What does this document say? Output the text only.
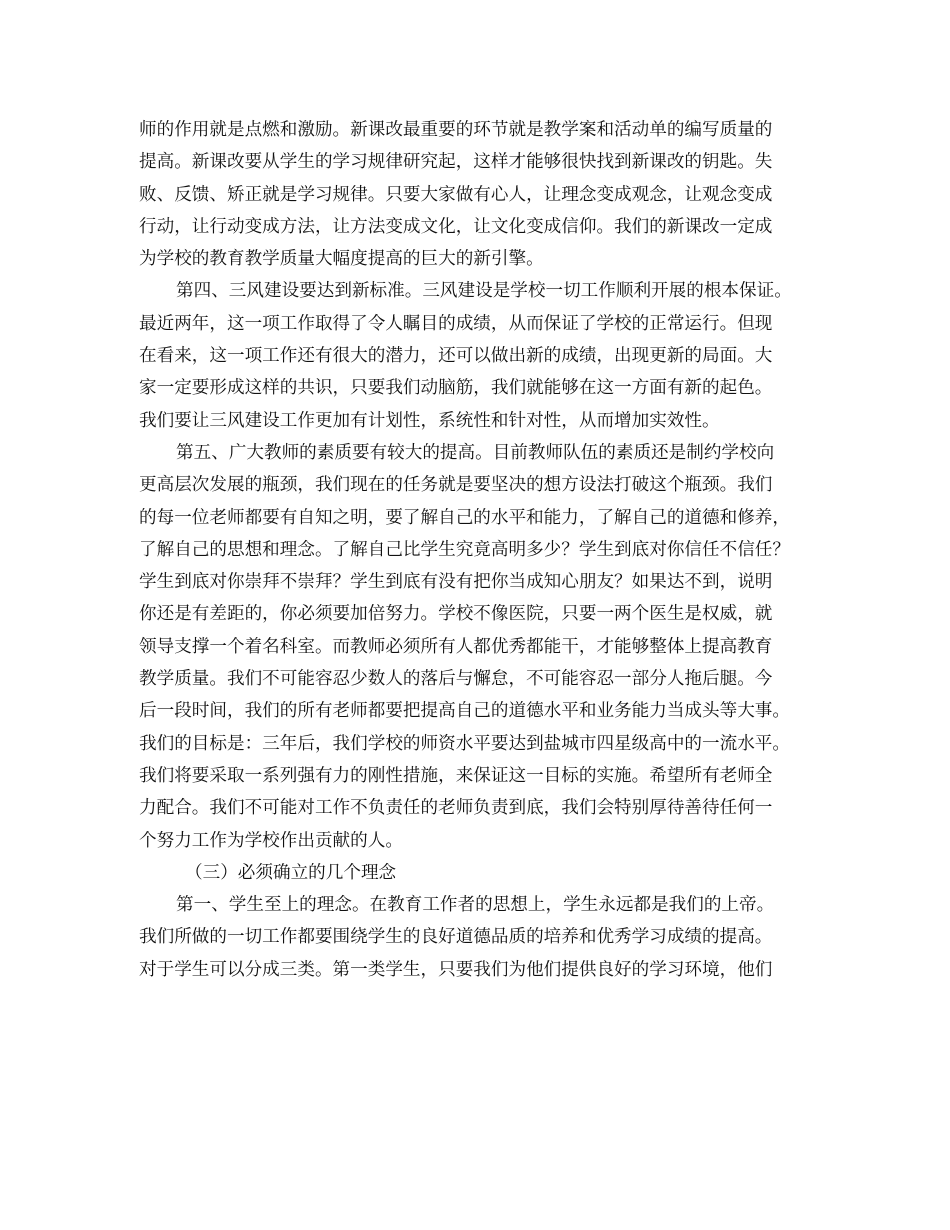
师的作用就是点燃和激励。新课改最重要的环节就是教学案和活动单的编写质量的
提高。新课改要从学生的学习规律研究起，这样才能够很快找到新课改的钥匙。失
败、反馈、矫正就是学习规律。只要大家做有心人，让理念变成观念，让观念变成
行动，让行动变成方法，让方法变成文化，让文化变成信仰。我们的新课改一定成
为学校的教育教学质量大幅度提高的巨大的新引擎。
第四、三风建设要达到新标准。三风建设是学校一切工作顺利开展的根本保证。
最近两年，这一项工作取得了令人瞩目的成绩，从而保证了学校的正常运行。但现
在看来，这一项工作还有很大的潜力，还可以做出新的成绩，出现更新的局面。大
家一定要形成这样的共识，只要我们动脑筋，我们就能够在这一方面有新的起色。
我们要让三风建设工作更加有计划性，系统性和针对性，从而增加实效性。
第五、广大教师的素质要有较大的提高。目前教师队伍的素质还是制约学校向
更高层次发展的瓶颈，我们现在的任务就是要坚决的想方设法打破这个瓶颈。我们
的每一位老师都要有自知之明，要了解自己的水平和能力，了解自己的道德和修养，
了解自己的思想和理念。了解自己比学生究竟高明多少？学生到底对你信任不信任？
学生到底对你崇拜不崇拜？学生到底有没有把你当成知心朋友？如果达不到，说明
你还是有差距的，你必须要加倍努力。学校不像医院，只要一两个医生是权威，就
领导支撑一个着名科室。而教师必须所有人都优秀都能干，才能够整体上提高教育
教学质量。我们不可能容忍少数人的落后与懈怠，不可能容忍一部分人拖后腿。今
后一段时间，我们的所有老师都要把提高自己的道德水平和业务能力当成头等大事。
我们的目标是：三年后，我们学校的师资水平要达到盐城市四星级高中的一流水平。
我们将要采取一系列强有力的刚性措施，来保证这一目标的实施。希望所有老师全
力配合。我们不可能对工作不负责任的老师负责到底，我们会特别厚待善待任何一
个努力工作为学校作出贡献的人。
（三）必须确立的几个理念
第一、学生至上的理念。在教育工作者的思想上，学生永远都是我们的上帝。
我们所做的一切工作都要围绕学生的良好道德品质的培养和优秀学习成绩的提高。
对于学生可以分成三类。第一类学生，只要我们为他们提供良好的学习环境，他们
